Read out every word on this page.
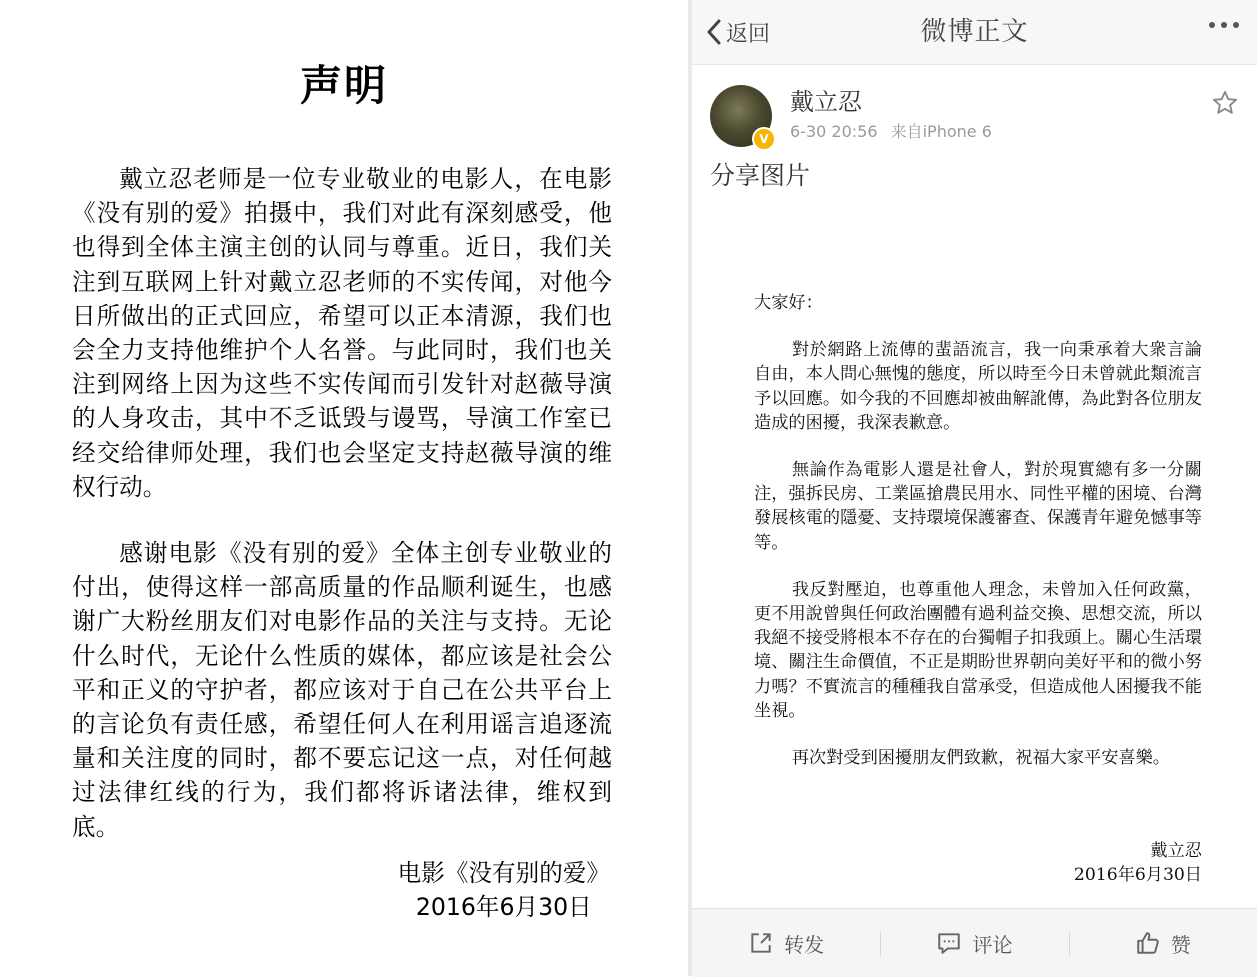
声明

戴立忍老师是一位专业敬业的电影人，在电影《没有别的爱》拍摄中，我们对此有深刻感受，他也得到全体主演主创的认同与尊重。近日，我们关注到互联网上针对戴立忍老师的不实传闻，对他今日所做出的正式回应，希望可以正本清源，我们也会全力支持他维护个人名誉。与此同时，我们也关注到网络上因为这些不实传闻而引发针对赵薇导演的人身攻击，其中不乏诋毁与谩骂，导演工作室已经交给律师处理，我们也会坚定支持赵薇导演的维权行动。

感谢电影《没有别的爱》全体主创专业敬业的付出，使得这样一部高质量的作品顺利诞生，也感谢广大粉丝朋友们对电影作品的关注与支持。无论什么时代，无论什么性质的媒体，都应该是社会公平和正义的守护者，都应该对于自己在公共平台上的言论负有责任感，希望任何人在利用谣言追逐流量和关注度的同时，都不要忘记这一点，对任何越过法律红线的行为，我们都将诉诸法律，维权到底。

电影《没有别的爱》
2016年6月30日
返回	微博正文
V
戴立忍
6-30 20:56 来自iPhone 6
分享图片

大家好：

對於網路上流傳的蜚語流言，我一向秉承着大衆言論自由，本人問心無愧的態度，所以時至今日未曾就此類流言予以回應。如今我的不回應却被曲解訛傳，為此對各位朋友造成的困擾，我深表歉意。

無論作為電影人還是社會人，對於現實總有多一分關注，强拆民房、工業區搶農民用水、同性平權的困境、台灣發展核電的隱憂、支持環境保護審查、保護青年避免憾事等等。

我反對壓迫，也尊重他人理念，未曾加入任何政黨，更不用說曾與任何政治團體有過利益交換、思想交流，所以我絕不接受將根本不存在的台獨帽子扣我頭上。關心生活環境、關注生命價值，不正是期盼世界朝向美好平和的微小努力嗎？不實流言的種種我自當承受，但造成他人困擾我不能坐視。

再次對受到困擾朋友們致歉，祝福大家平安喜樂。

戴立忍
2016年6月30日
转发	评论	赞
